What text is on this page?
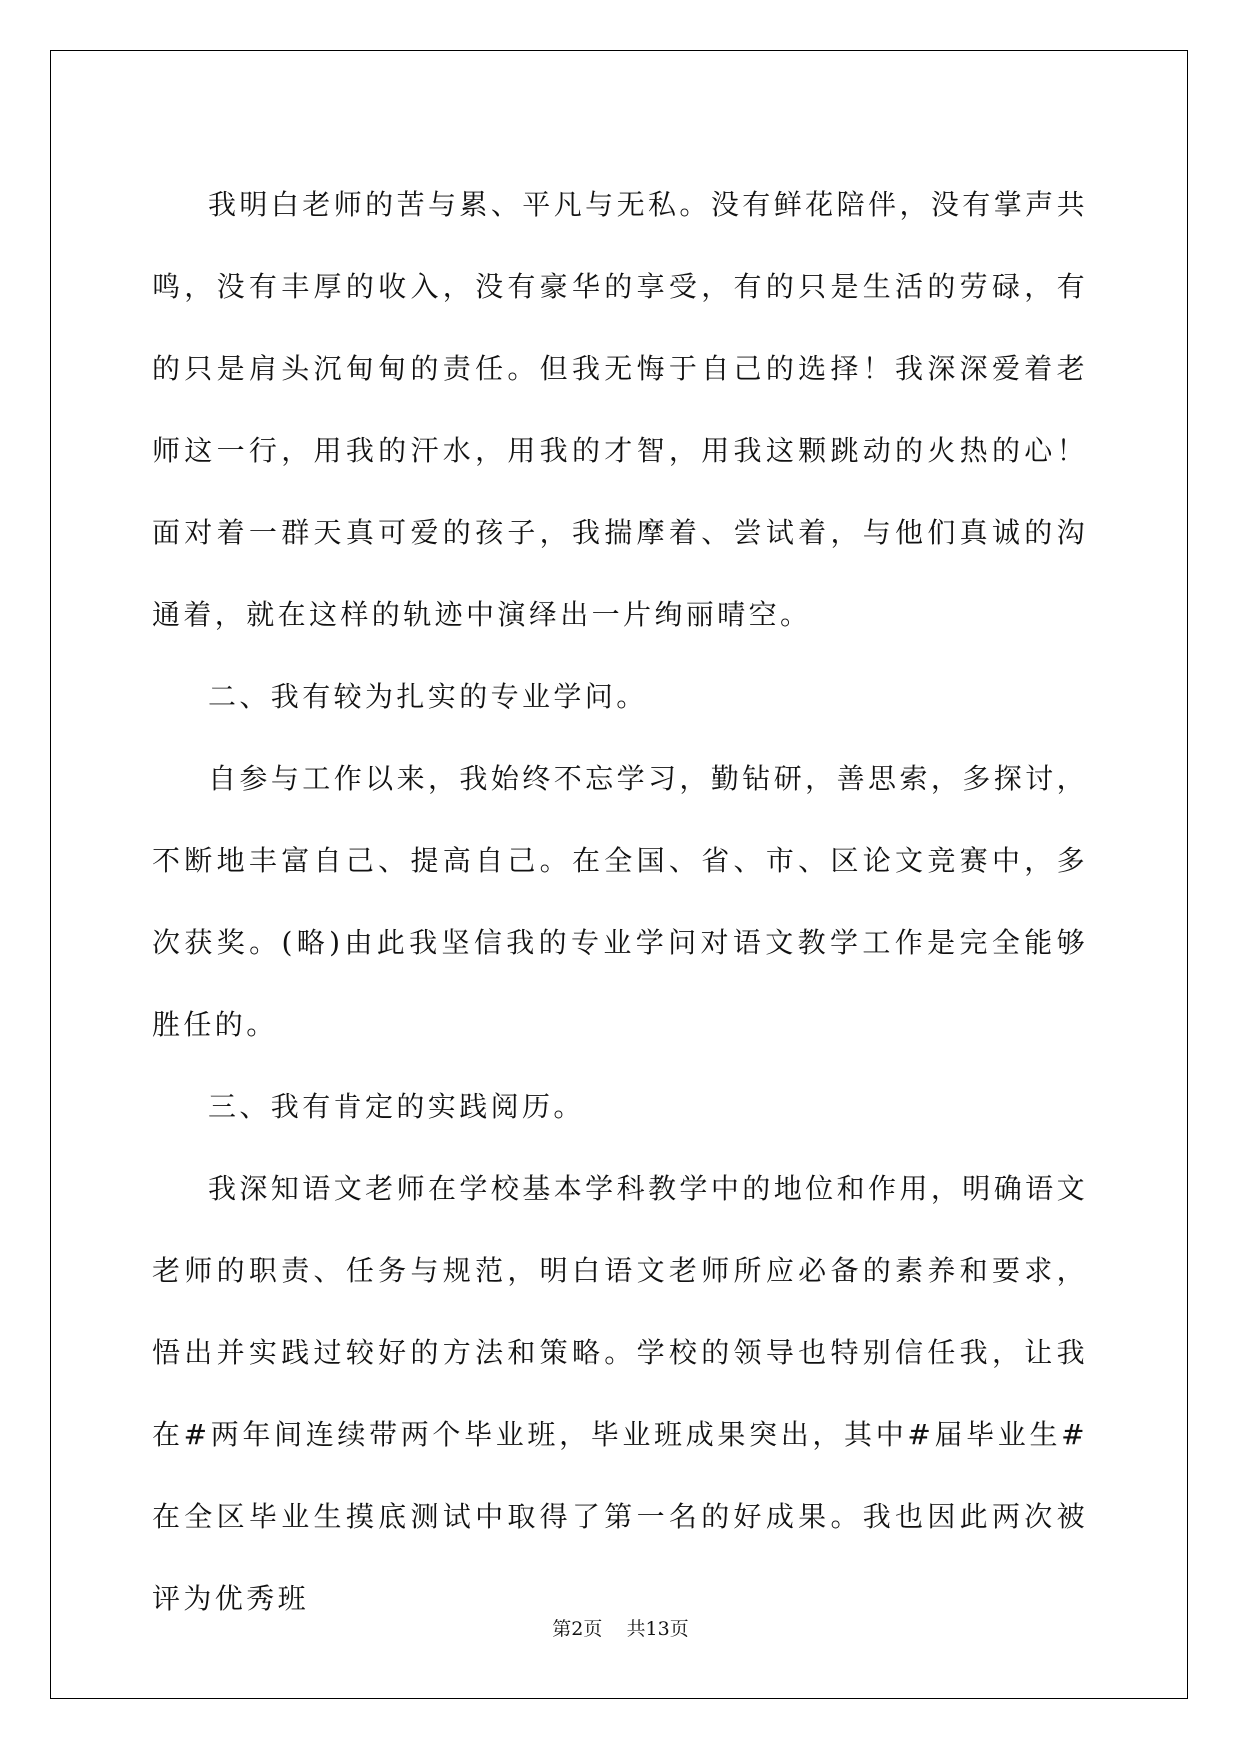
我明白老师的苦与累、平凡与无私。没有鲜花陪伴，没有掌声共鸣，没有丰厚的收入，没有豪华的享受，有的只是生活的劳碌，有的只是肩头沉甸甸的责任。但我无悔于自己的选择！我深深爱着老师这一行，用我的汗水，用我的才智，用我这颗跳动的火热的心！面对着一群天真可爱的孩子，我揣摩着、尝试着，与他们真诚的沟通着，就在这样的轨迹中演绎出一片绚丽晴空。

二、我有较为扎实的专业学问。

自参与工作以来，我始终不忘学习，勤钻研，善思索，多探讨，不断地丰富自己、提高自己。在全国、省、市、区论文竞赛中，多次获奖。(略)由此我坚信我的专业学问对语文教学工作是完全能够胜任的。

三、我有肯定的实践阅历。

我深知语文老师在学校基本学科教学中的地位和作用，明确语文老师的职责、任务与规范，明白语文老师所应必备的素养和要求，悟出并实践过较好的方法和策略。学校的领导也特别信任我，让我在#两年间连续带两个毕业班，毕业班成果突出，其中#届毕业生#在全区毕业生摸底测试中取得了第一名的好成果。我也因此两次被评为优秀班

第2页 共13页
